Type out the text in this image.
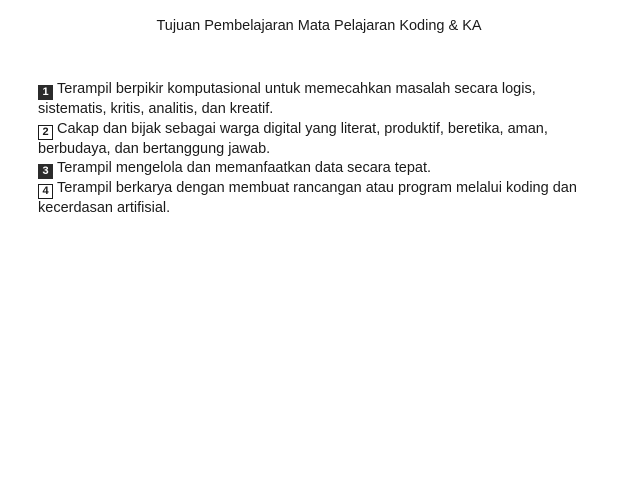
Tujuan Pembelajaran Mata Pelajaran Koding & KA

1 Terampil berpikir komputasional untuk memecahkan masalah secara logis, sistematis, kritis, analitis, dan kreatif.

2 Cakap dan bijak sebagai warga digital yang literat, produktif, beretika, aman, berbudaya, dan bertanggung jawab.

3 Terampil mengelola dan memanfaatkan data secara tepat.

4 Terampil berkarya dengan membuat rancangan atau program melalui koding dan kecerdasan artifisial.
